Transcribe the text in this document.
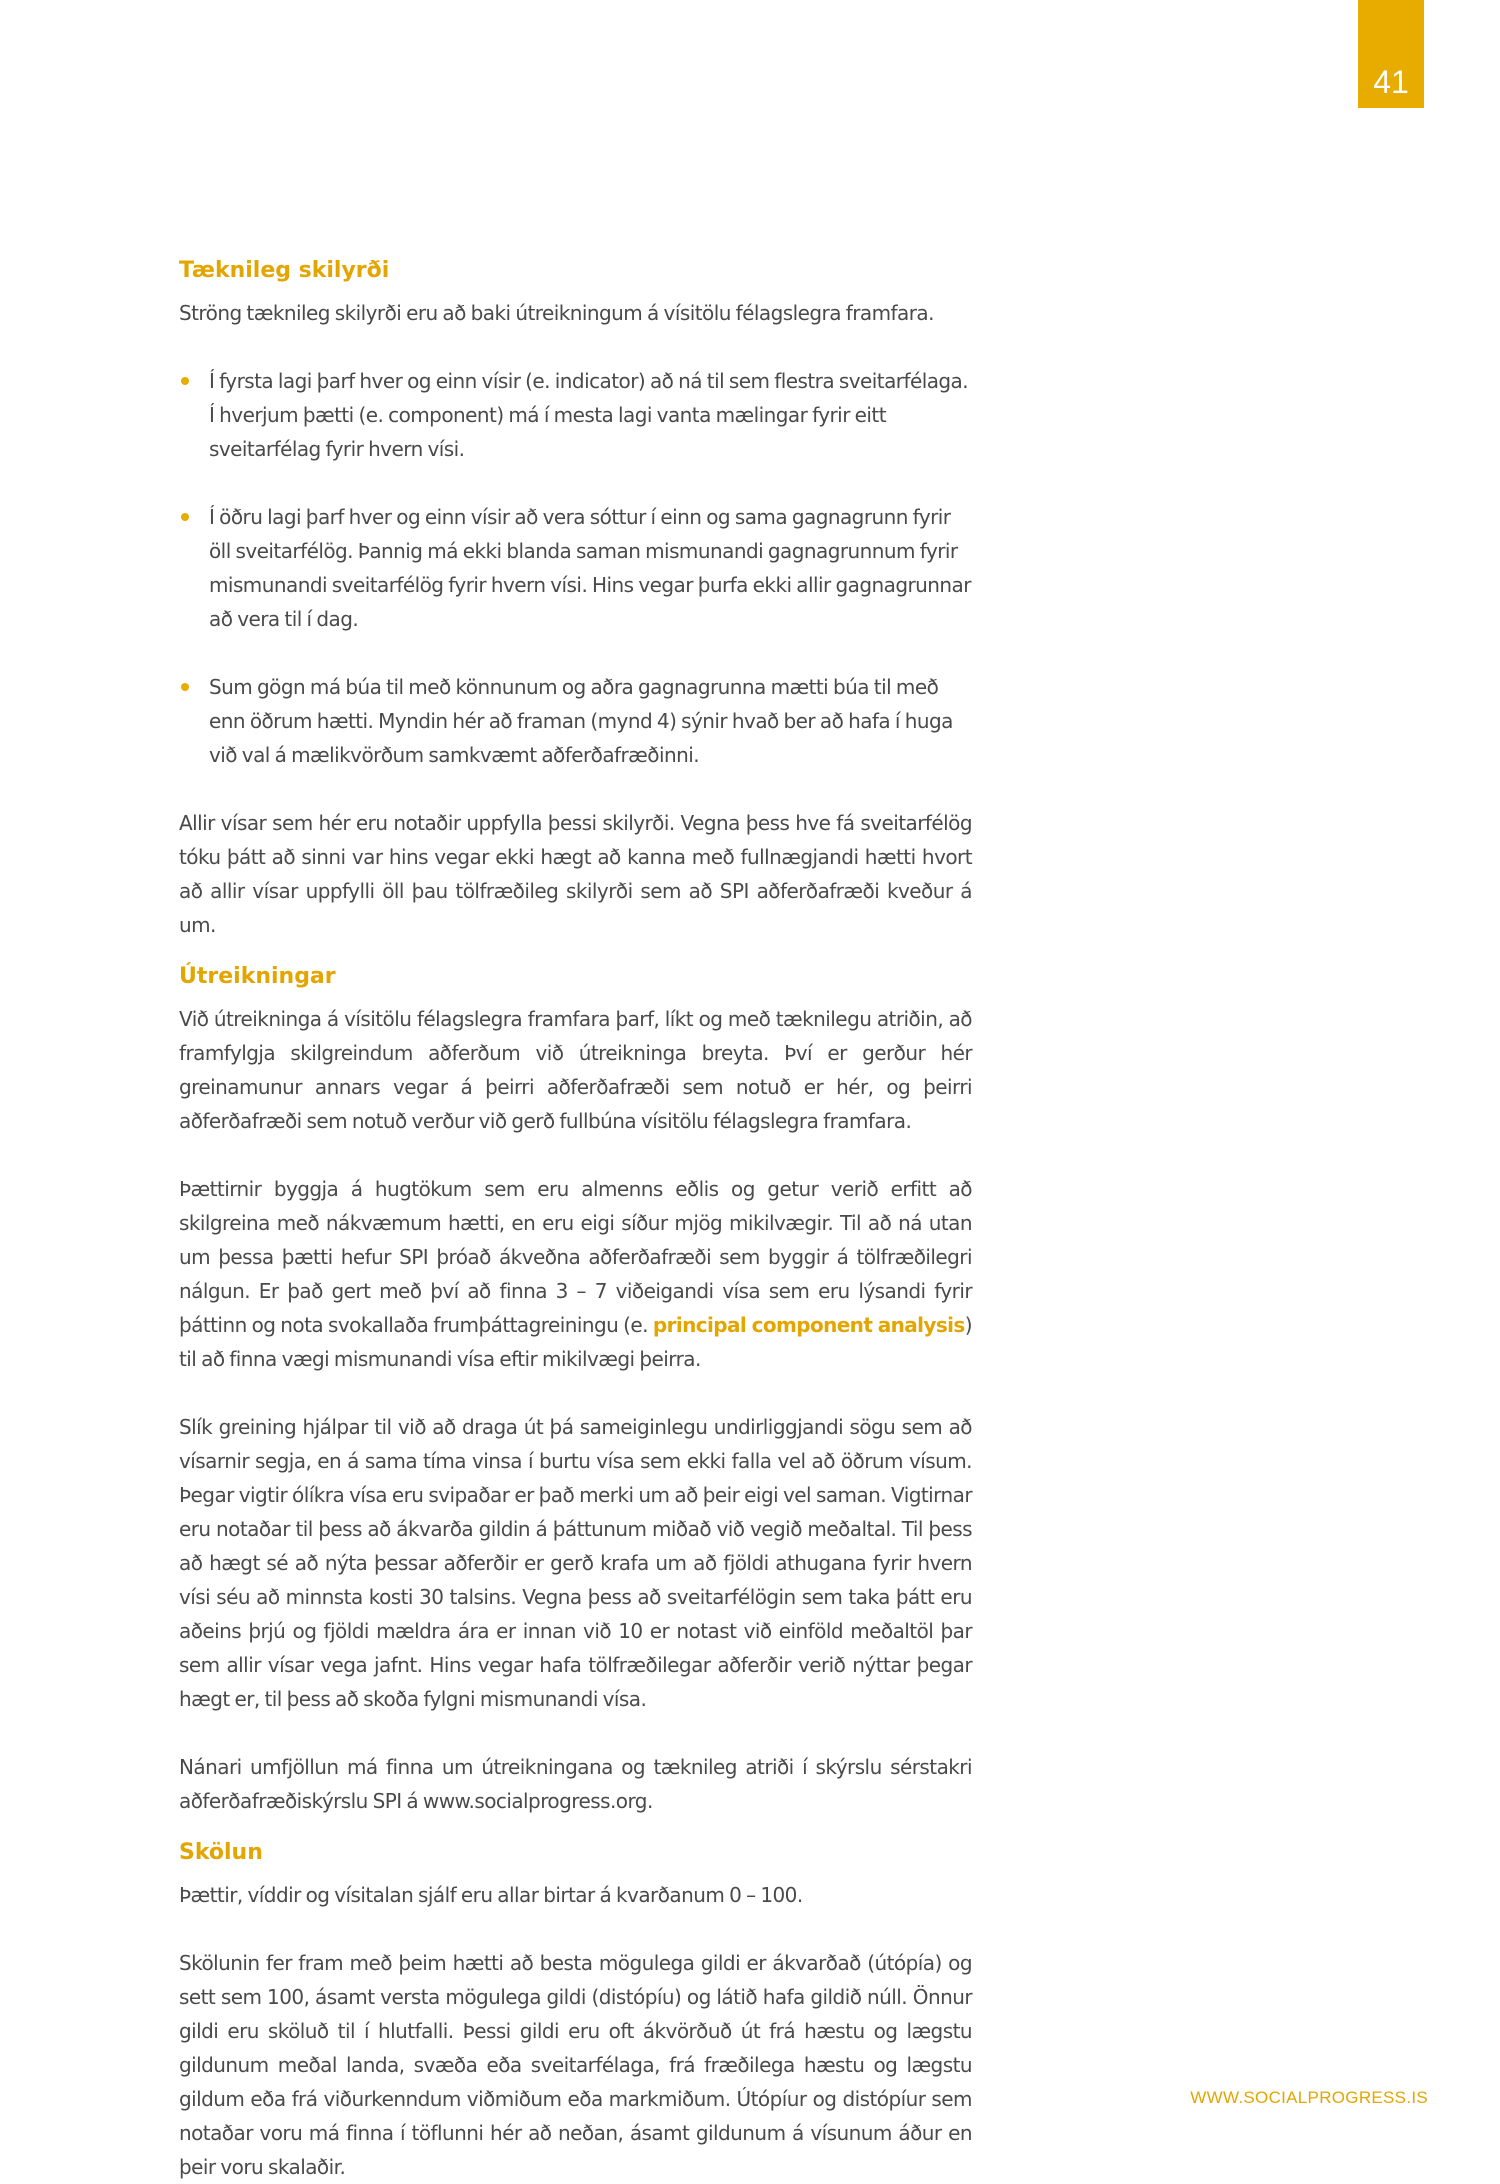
41
Tæknileg skilyrði

Ströng tæknileg skilyrði eru að baki útreikningum á vísitölu félagslegra framfara.

Í fyrsta lagi þarf hver og einn vísir (e. indicator) að ná til sem flestra sveitarfélaga. Í hverjum þætti (e. component) má í mesta lagi vanta mælingar fyrir eitt sveitarfélag fyrir hvern vísi.
Í öðru lagi þarf hver og einn vísir að vera sóttur í einn og sama gagnagrunn fyrir öll sveitarfélög. Þannig má ekki blanda saman mismunandi gagnagrunnum fyrir mismunandi sveitarfélög fyrir hvern vísi. Hins vegar þurfa ekki allir gagnagrunnar að vera til í dag.
Sum gögn má búa til með könnunum og aðra gagnagrunna mætti búa til með enn öðrum hætti. Myndin hér að framan (mynd 4) sýnir hvað ber að hafa í huga við val á mælikvörðum samkvæmt aðferðafræðinni.

Allir vísar sem hér eru notaðir uppfylla þessi skilyrði. Vegna þess hve fá sveitarfélög tóku þátt að sinni var hins vegar ekki hægt að kanna með fullnægjandi hætti hvort að allir vísar uppfylli öll þau tölfræðileg skilyrði sem að SPI aðferðafræði kveður á um.

Útreikningar

Við útreikninga á vísitölu félagslegra framfara þarf, líkt og með tæknilegu atriðin, að framfylgja skilgreindum aðferðum við útreikninga breyta. Því er gerður hér greinamunur annars vegar á þeirri aðferðafræði sem notuð er hér, og þeirri aðferðafræði sem notuð verður við gerð fullbúna vísitölu félagslegra framfara.

Þættirnir byggja á hugtökum sem eru almenns eðlis og getur verið erfitt að skilgreina með nákvæmum hætti, en eru eigi síður mjög mikilvægir. Til að ná utan um þessa þætti hefur SPI þróað ákveðna aðferðafræði sem byggir á tölfræðilegri nálgun. Er það gert með því að finna 3 – 7 viðeigandi vísa sem eru lýsandi fyrir þáttinn og nota svokallaða frumþáttagreiningu (e. principal component analysis) til að finna vægi mismunandi vísa eftir mikilvægi þeirra.

Slík greining hjálpar til við að draga út þá sameiginlegu undirliggjandi sögu sem að vísarnir segja, en á sama tíma vinsa í burtu vísa sem ekki falla vel að öðrum vísum. Þegar vigtir ólíkra vísa eru svipaðar er það merki um að þeir eigi vel saman. Vigtirnar eru notaðar til þess að ákvarða gildin á þáttunum miðað við vegið meðaltal. Til þess að hægt sé að nýta þessar aðferðir er gerð krafa um að fjöldi athugana fyrir hvern vísi séu að minnsta kosti 30 talsins. Vegna þess að sveitarfélögin sem taka þátt eru aðeins þrjú og fjöldi mældra ára er innan við 10 er notast við einföld meðaltöl þar sem allir vísar vega jafnt. Hins vegar hafa tölfræðilegar aðferðir verið nýttar þegar hægt er, til þess að skoða fylgni mismunandi vísa.

Nánari umfjöllun má finna um útreikningana og tæknileg atriði í skýrslu sérstakri aðferðafræðiskýrslu SPI á www.socialprogress.org.

Skölun

Þættir, víddir og vísitalan sjálf eru allar birtar á kvarðanum 0 – 100.

Skölunin fer fram með þeim hætti að besta mögulega gildi er ákvarðað (útópía) og sett sem 100, ásamt versta mögulega gildi (distópíu) og látið hafa gildið núll. Önnur gildi eru sköluð til í hlutfalli. Þessi gildi eru oft ákvörðuð út frá hæstu og lægstu gildunum meðal landa, svæða eða sveitarfélaga, frá fræðilega hæstu og lægstu gildum eða frá viðurkenndum viðmiðum eða markmiðum. Útópíur og distópíur sem notaðar voru má finna í töflunni hér að neðan, ásamt gildunum á vísunum áður en þeir voru skalaðir.

WWW.SOCIALPROGRESS.IS
